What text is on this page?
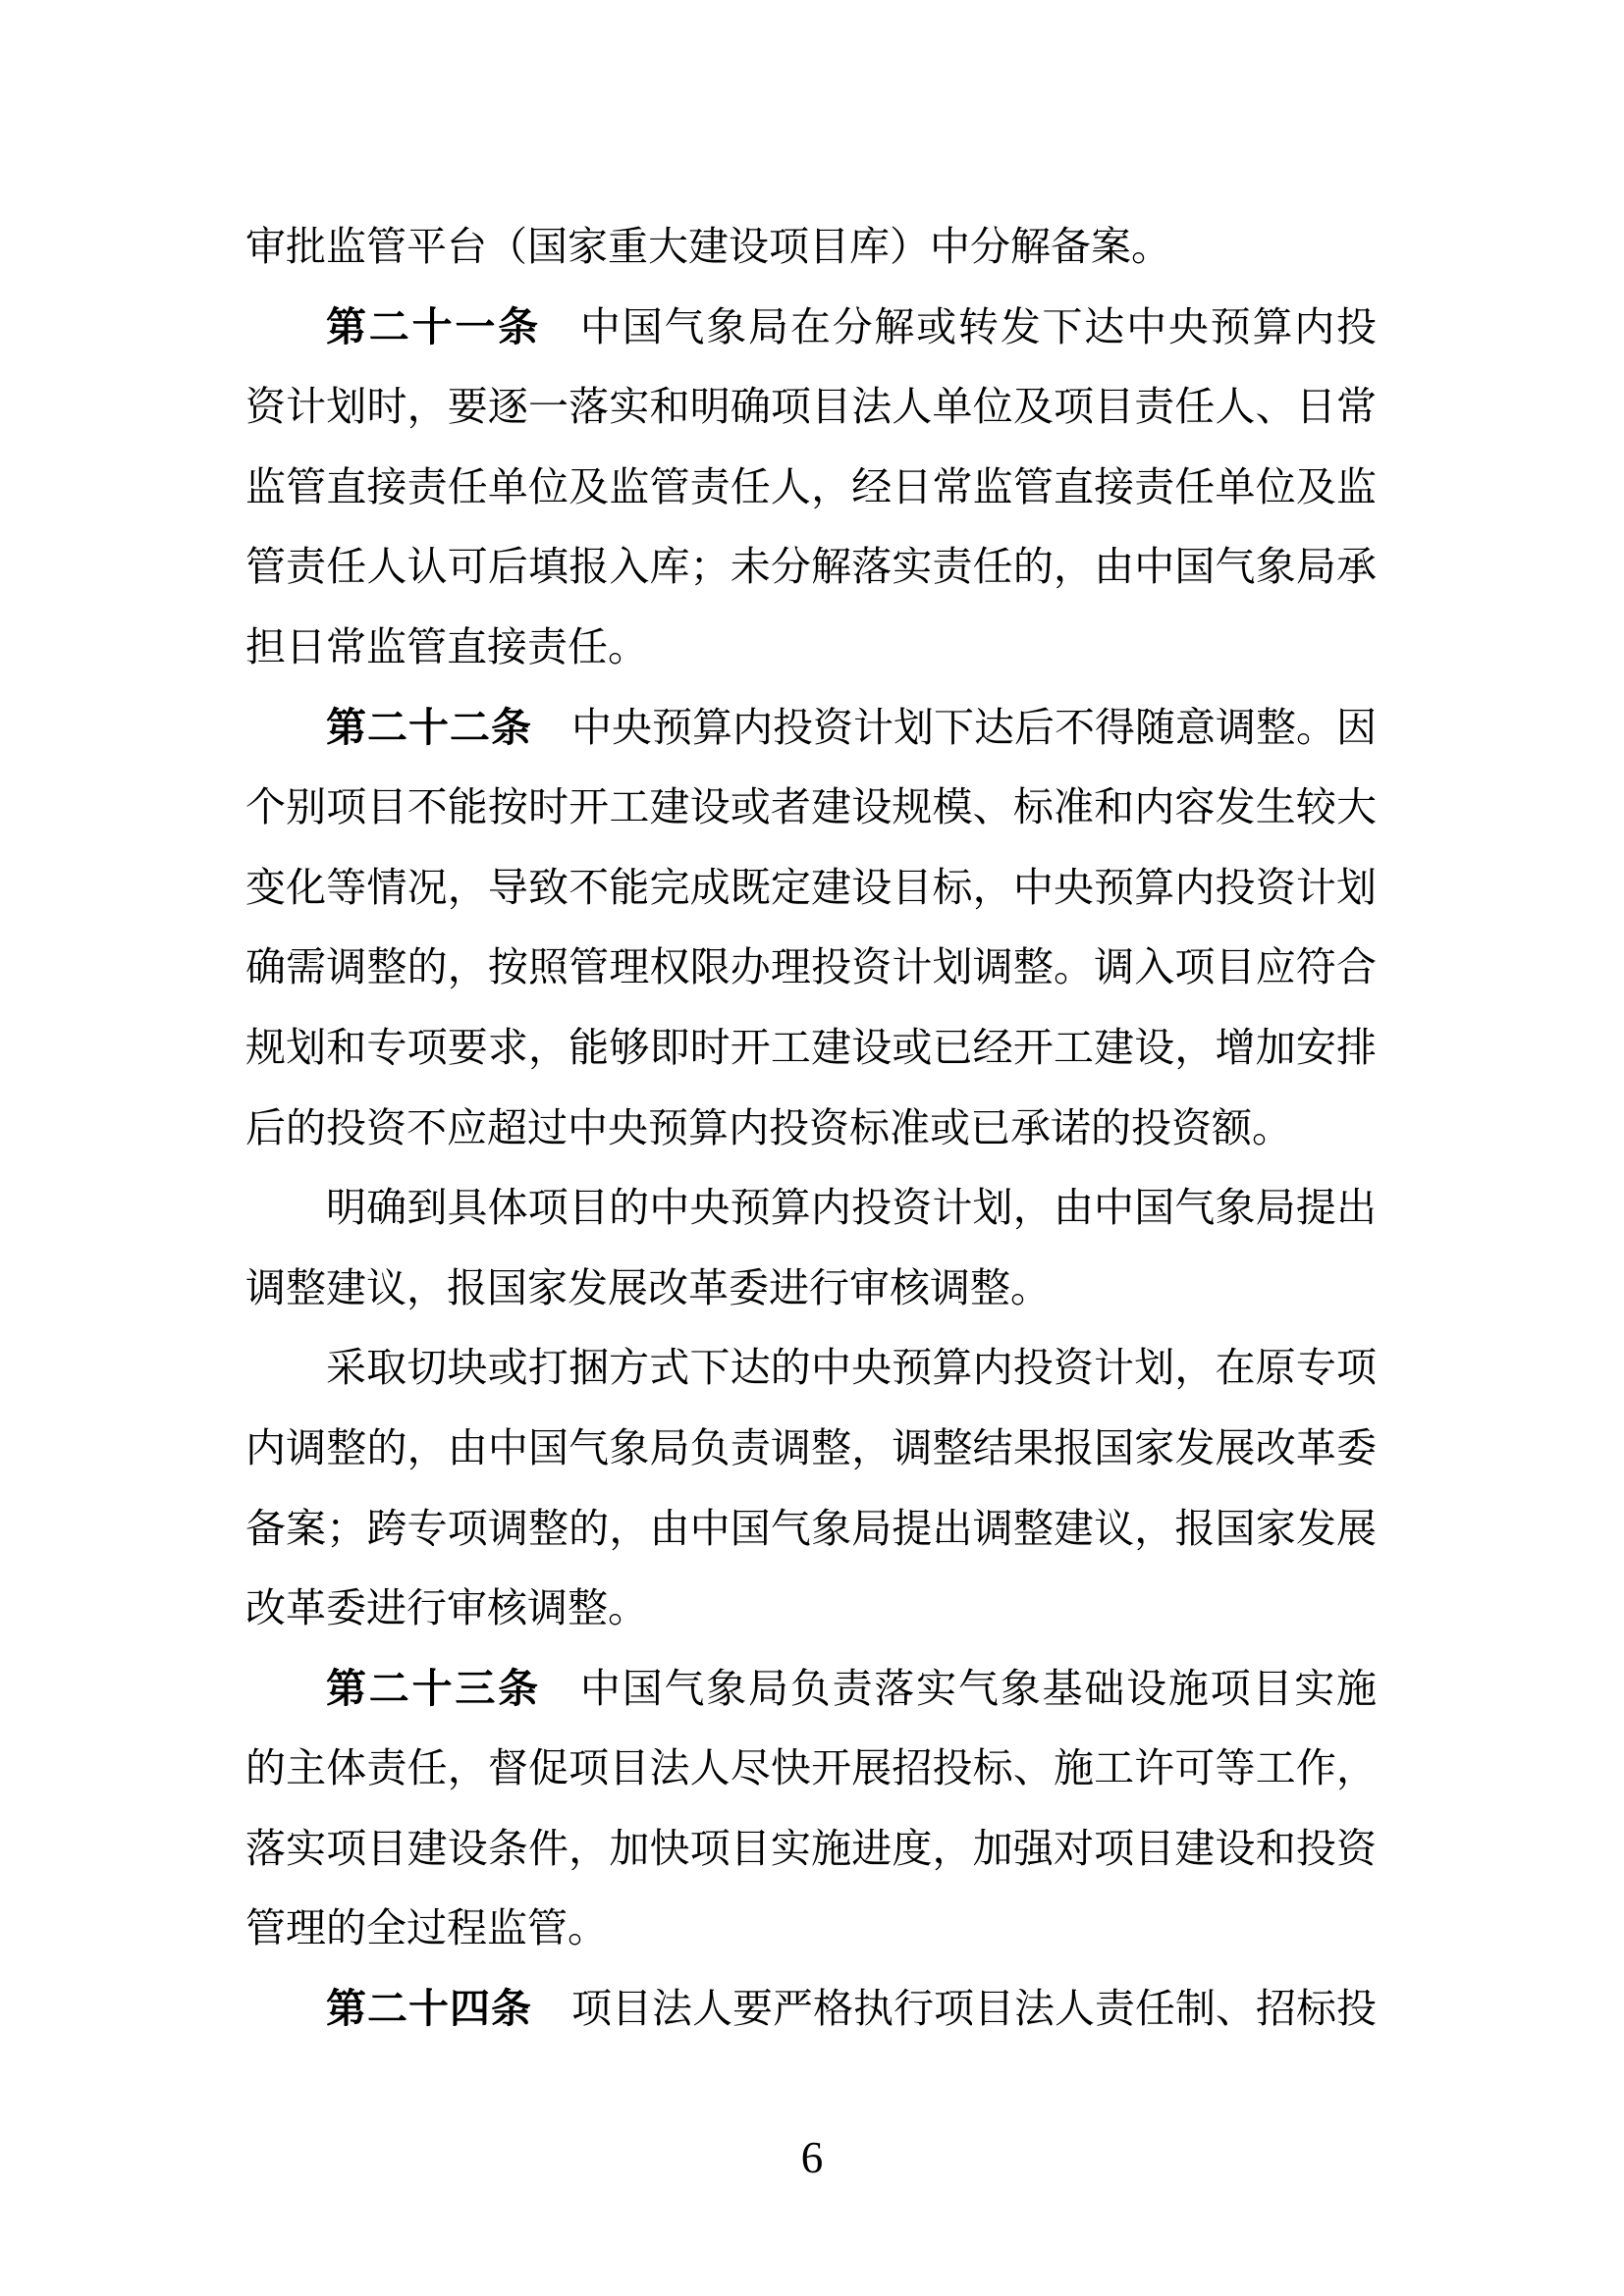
审批监管平台（国家重大建设项目库）中分解备案。
第二十一条 中国气象局在分解或转发下达中央预算内投
资计划时，要逐一落实和明确项目法人单位及项目责任人、日常
监管直接责任单位及监管责任人，经日常监管直接责任单位及监
管责任人认可后填报入库；未分解落实责任的，由中国气象局承
担日常监管直接责任。
第二十二条 中央预算内投资计划下达后不得随意调整。因
个别项目不能按时开工建设或者建设规模、标准和内容发生较大
变化等情况，导致不能完成既定建设目标，中央预算内投资计划
确需调整的，按照管理权限办理投资计划调整。调入项目应符合
规划和专项要求，能够即时开工建设或已经开工建设，增加安排
后的投资不应超过中央预算内投资标准或已承诺的投资额。
明确到具体项目的中央预算内投资计划，由中国气象局提出
调整建议，报国家发展改革委进行审核调整。
采取切块或打捆方式下达的中央预算内投资计划，在原专项
内调整的，由中国气象局负责调整，调整结果报国家发展改革委
备案；跨专项调整的，由中国气象局提出调整建议，报国家发展
改革委进行审核调整。
第二十三条 中国气象局负责落实气象基础设施项目实施
的主体责任，督促项目法人尽快开展招投标、施工许可等工作，
落实项目建设条件，加快项目实施进度，加强对项目建设和投资
管理的全过程监管。
第二十四条 项目法人要严格执行项目法人责任制、招标投
6
